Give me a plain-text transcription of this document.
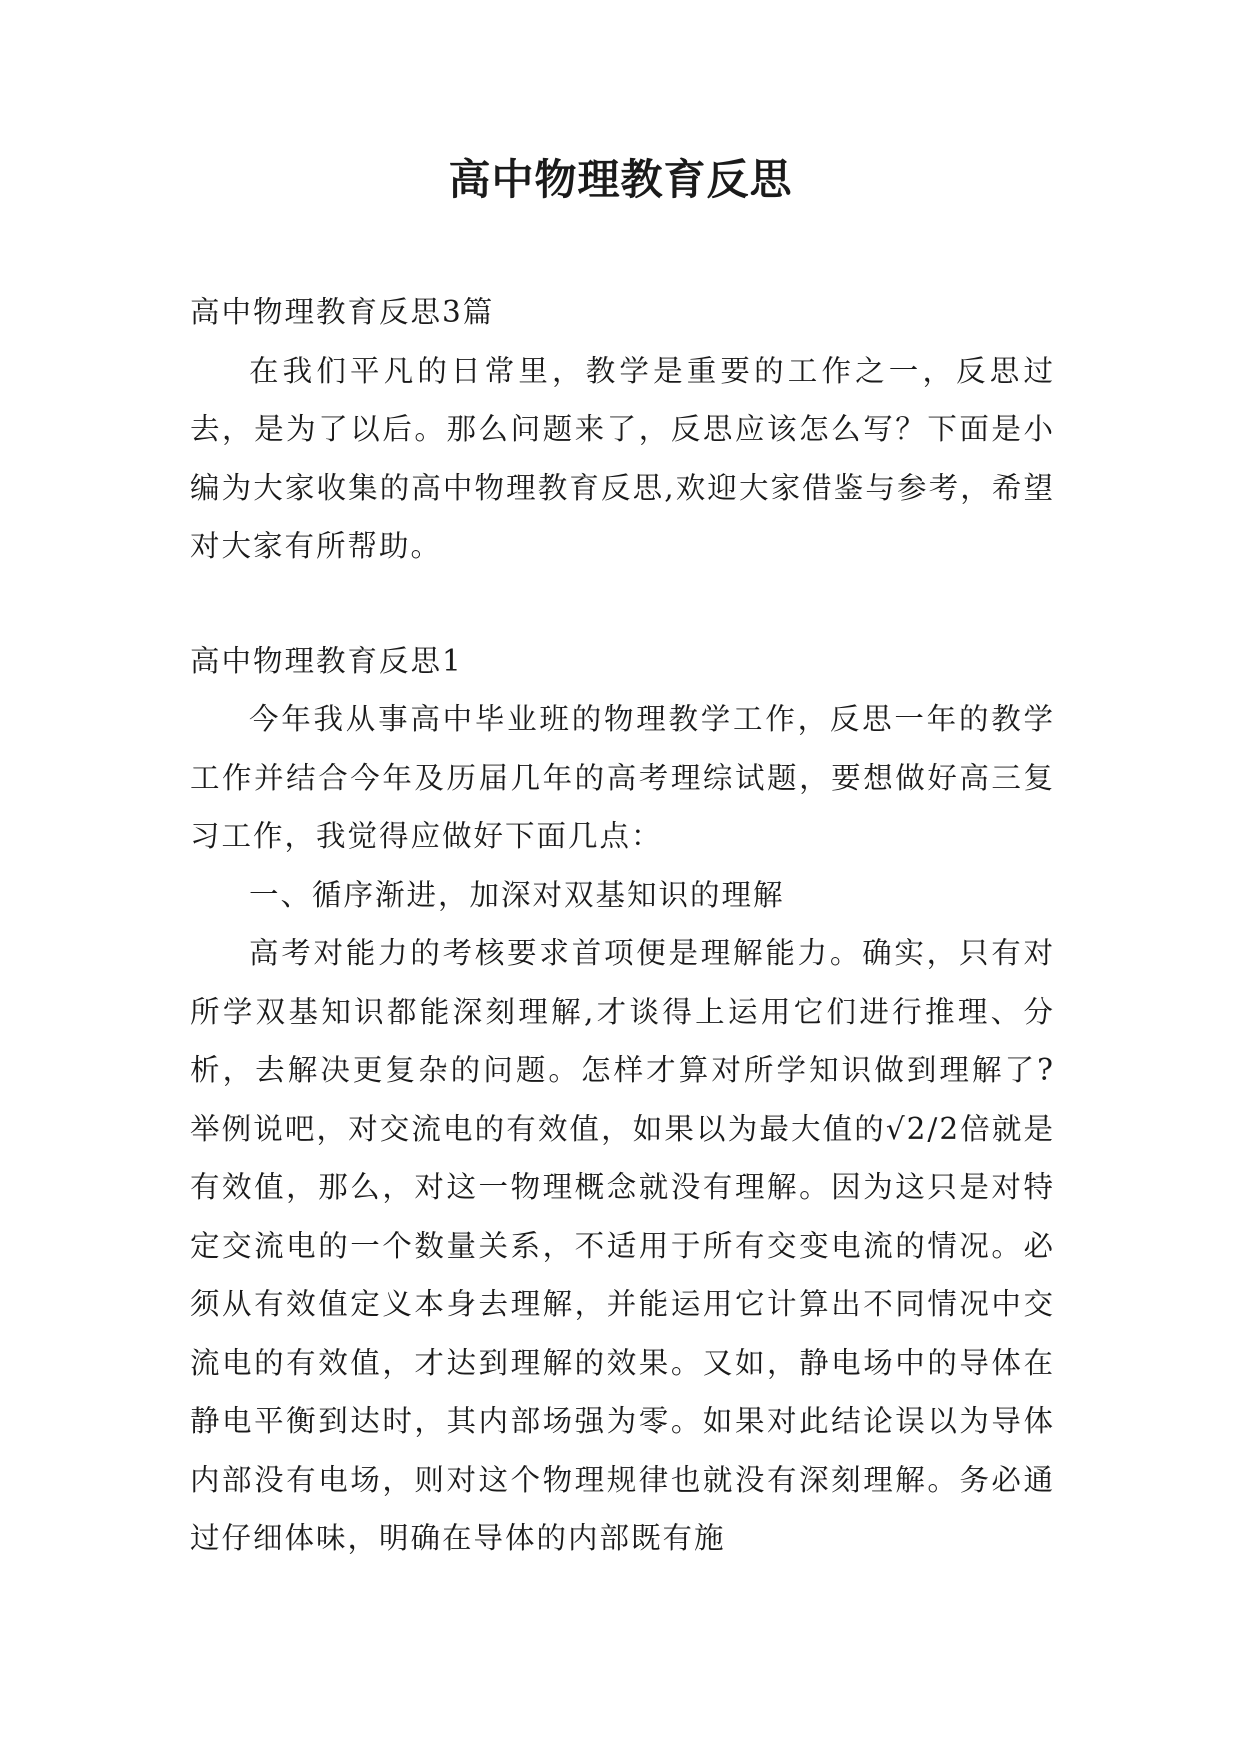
高中物理教育反思

高中物理教育反思3篇

在我们平凡的日常里，教学是重要的工作之一，反思过去，是为了以后。那么问题来了，反思应该怎么写？下面是小编为大家收集的高中物理教育反思,欢迎大家借鉴与参考，希望对大家有所帮助。

高中物理教育反思1

今年我从事高中毕业班的物理教学工作，反思一年的教学工作并结合今年及历届几年的高考理综试题，要想做好高三复习工作，我觉得应做好下面几点：

一、循序渐进，加深对双基知识的理解

高考对能力的考核要求首项便是理解能力。确实，只有对所学双基知识都能深刻理解,才谈得上运用它们进行推理、分析，去解决更复杂的问题。怎样才算对所学知识做到理解了?举例说吧，对交流电的有效值，如果以为最大值的√2/2倍就是有效值，那么，对这一物理概念就没有理解。因为这只是对特定交流电的一个数量关系，不适用于所有交变电流的情况。必须从有效值定义本身去理解，并能运用它计算出不同情况中交流电的有效值，才达到理解的效果。又如，静电场中的导体在静电平衡到达时，其内部场强为零。如果对此结论误以为导体内部没有电场，则对这个物理规律也就没有深刻理解。务必通过仔细体味，明确在导体的内部既有施
